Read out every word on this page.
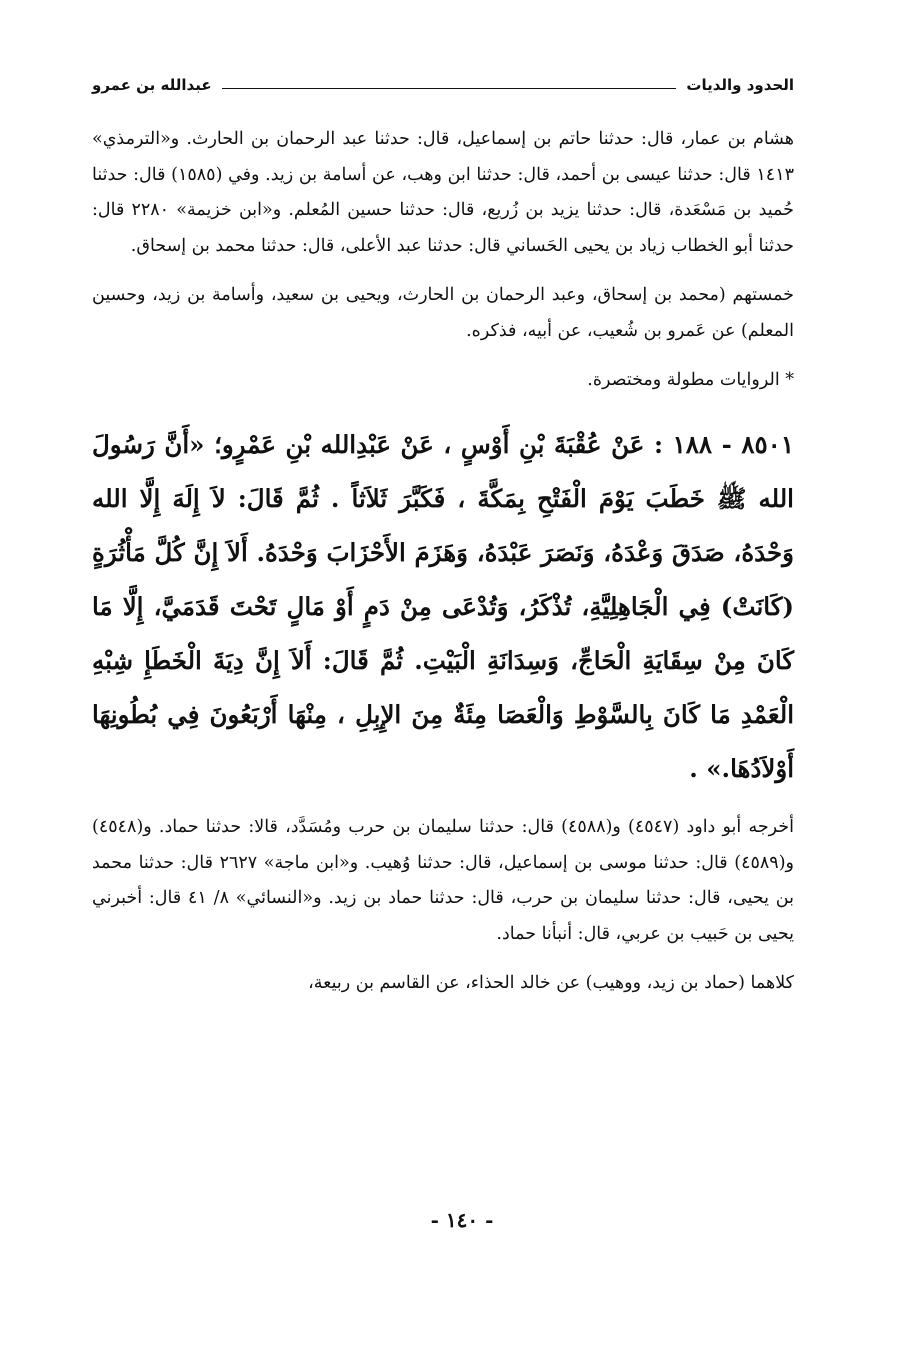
الحدود والديات
عبدالله بن عمرو

هشام بن عمار، قال: حدثنا حاتم بن إسماعيل، قال: حدثنا عبد الرحمان بن الحارث. و«الترمذي» ١٤١٣ قال: حدثنا عيسى بن أحمد، قال: حدثنا ابن وهب، عن أسامة بن زيد. وفي (١٥٨٥) قال: حدثنا حُميد بن مَسْعَدة، قال: حدثنا يزيد بن زُريع، قال: حدثنا حسين المُعلم. و«ابن خزيمة» ٢٢٨٠ قال: حدثنا أبو الخطاب زياد بن يحيى الحَساني قال: حدثنا عبد الأعلى، قال: حدثنا محمد بن إسحاق.

خمستهم (محمد بن إسحاق، وعبد الرحمان بن الحارث، ويحيى بن سعيد، وأسامة بن زيد، وحسين المعلم) عن عَمرو بن شُعيب، عن أبيه، فذكره.

* الروايات مطولة ومختصرة.

٨٥٠١ - ١٨٨ : عَنْ عُقْبَةَ بْنِ أَوْسٍ ، عَنْ عَبْدِالله بْنِ عَمْرٍو؛ «أَنَّ رَسُولَ الله ﷺ خَطَبَ يَوْمَ الْفَتْحِ بِمَكَّةَ ، فَكَبَّرَ ثَلاَثاً . ثُمَّ قَالَ: لاَ إِلَهَ إِلَّا الله وَحْدَهُ، صَدَقَ وَعْدَهُ، وَنَصَرَ عَبْدَهُ، وَهَزَمَ الأَحْزَابَ وَحْدَهُ. أَلاَ إِنَّ كُلَّ مَأْثُرَةٍ (كَانَتْ) فِي الْجَاهِلِيَّةِ، تُذْكَرُ، وَتُدْعَى مِنْ دَمٍ أَوْ مَالٍ تَحْتَ قَدَمَيَّ، إِلَّا مَا كَانَ مِنْ سِقَايَةِ الْحَاجِّ، وَسِدَانَةِ الْبَيْتِ. ثُمَّ قَالَ: أَلاَ إِنَّ دِيَةَ الْخَطَإِ شِبْهِ الْعَمْدِ مَا كَانَ بِالسَّوْطِ وَالْعَصَا مِئَةٌ مِنَ الإِبِلِ ، مِنْهَا أَرْبَعُونَ فِي بُطُونِهَا أَوْلاَدُهَا.» .

أخرجه أبو داود (٤٥٤٧) و(٤٥٨٨) قال: حدثنا سليمان بن حرب ومُسَدَّد، قالا: حدثنا حماد. و(٤٥٤٨) و(٤٥٨٩) قال: حدثنا موسى بن إسماعيل، قال: حدثنا وُهيب. و«ابن ماجة» ٢٦٢٧ قال: حدثنا محمد بن يحيى، قال: حدثنا سليمان بن حرب، قال: حدثنا حماد بن زيد. و«النسائي» ٨/ ٤١ قال: أخبرني يحيى بن حَبيب بن عربي، قال: أنبأنا حماد.

كلاهما (حماد بن زيد، ووهيب) عن خالد الحذاء، عن القاسم بن ربيعة،

- ١٤٠ -
